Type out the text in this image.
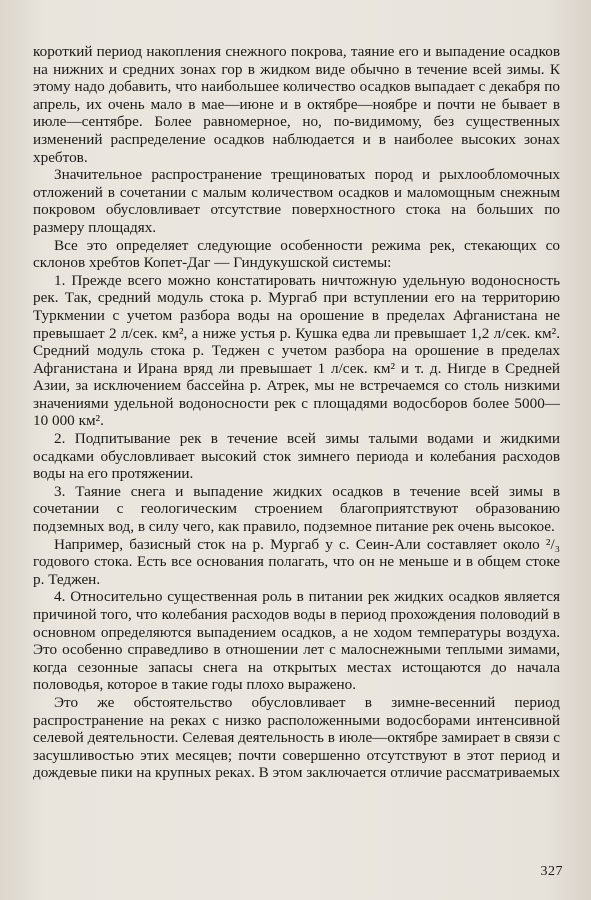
короткий период накопления снежного покрова, таяние его и выпадение осадков на нижних и средних зонах гор в жидком виде обычно в течение всей зимы. К этому надо добавить, что наибольшее количество осадков выпадает с декабря по апрель, их очень мало в мае—июне и в октябре—ноябре и почти не бывает в июле—сентябре. Более равномерное, но, по-видимому, без существенных изменений распределение осадков наблюдается и в наиболее высоких зонах хребтов.

Значительное распространение трещиноватых пород и рыхлообломочных отложений в сочетании с малым количеством осадков и маломощным снежным покровом обусловливает отсутствие поверхностного стока на больших по размеру площадях.

Все это определяет следующие особенности режима рек, стекающих со склонов хребтов Копет-Даг — Гиндукушской системы:

1. Прежде всего можно констатировать ничтожную удельную водоносность рек. Так, средний модуль стока р. Мургаб при вступлении его на территорию Туркмении с учетом разбора воды на орошение в пределах Афганистана не превышает 2 л/сек. км², а ниже устья р. Кушка едва ли превышает 1,2 л/сек. км². Средний модуль стока р. Теджен с учетом разбора на орошение в пределах Афганистана и Ирана вряд ли превышает 1 л/сек. км² и т. д. Нигде в Средней Азии, за исключением бассейна р. Атрек, мы не встречаемся со столь низкими значениями удельной водоносности рек с площадями водосборов более 5000—10 000 км².

2. Подпитывание рек в течение всей зимы талыми водами и жидкими осадками обусловливает высокий сток зимнего периода и колебания расходов воды на его протяжении.

3. Таяние снега и выпадение жидких осадков в течение всей зимы в сочетании с геологическим строением благоприятствуют образованию подземных вод, в силу чего, как правило, подземное питание рек очень высокое.

Например, базисный сток на р. Мургаб у с. Сеин-Али составляет около ²/₃ годового стока. Есть все основания полагать, что он не меньше и в общем стоке р. Теджен.

4. Относительно существенная роль в питании рек жидких осадков является причиной того, что колебания расходов воды в период прохождения половодий в основном определяются выпадением осадков, а не ходом температуры воздуха. Это особенно справедливо в отношении лет с малоснежными теплыми зимами, когда сезонные запасы снега на открытых местах истощаются до начала половодья, которое в такие годы плохо выражено.

Это же обстоятельство обусловливает в зимне-весенний период распространение на реках с низко расположенными водосборами интенсивной селевой деятельности. Селевая деятельность в июле—октябре замирает в связи с засушливостью этих месяцев; почти совершенно отсутствуют в этот период и дождевые пики на крупных реках. В этом заключается отличие рассматриваемых

327
